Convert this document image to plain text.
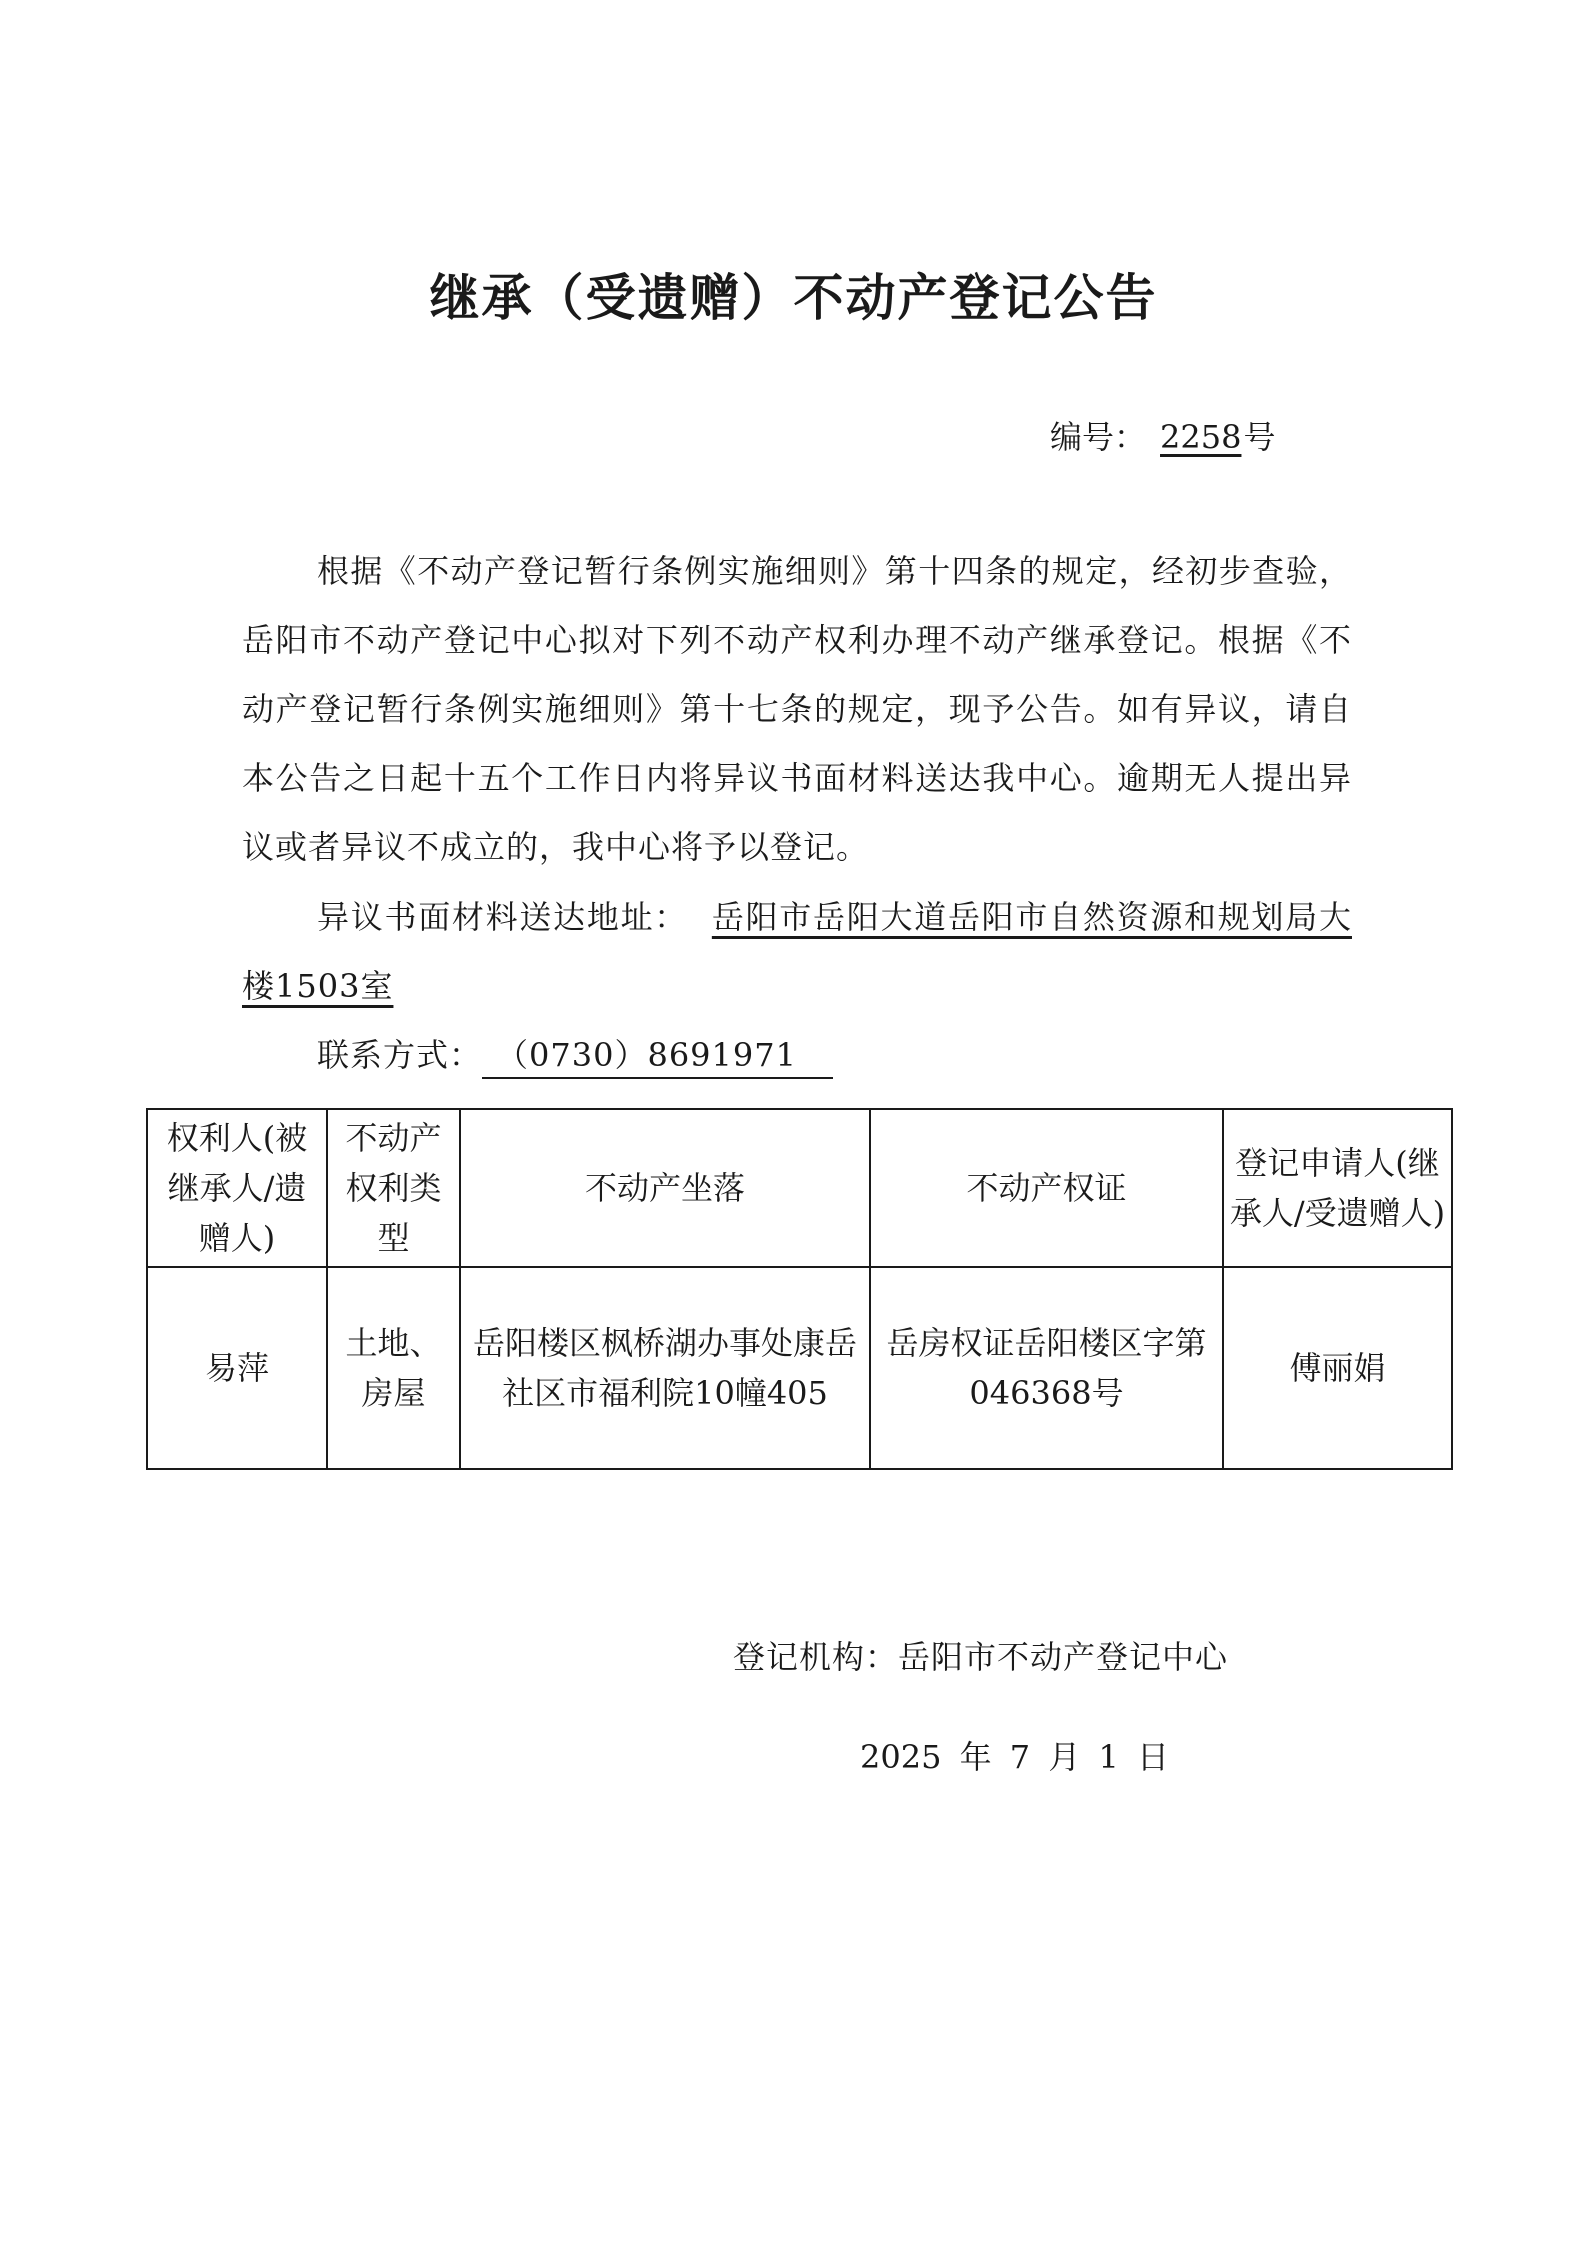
继承（受遗赠）不动产登记公告
编号： 2258号
根据《不动产登记暂行条例实施细则》第十四条的规定，经初步查验，岳阳市不动产登记中心拟对下列不动产权利办理不动产继承登记。根据《不动产登记暂行条例实施细则》第十七条的规定，现予公告。如有异议，请自本公告之日起十五个工作日内将异议书面材料送达我中心。逾期无人提出异议或者异议不成立的，我中心将予以登记。
异议书面材料送达地址： 岳阳市岳阳大道岳阳市自然资源和规划局大楼1503室
联系方式： （0730）8691971
权利人(被继承人/遗赠人)	不动产权利类型	不动产坐落	不动产权证	登记申请人(继承人/受遗赠人)
易萍	土地、房屋	岳阳楼区枫桥湖办事处康岳社区市福利院10幢405	岳房权证岳阳楼区字第046368号	傅丽娟
登记机构：岳阳市不动产登记中心
2025 年 7 月 1 日
